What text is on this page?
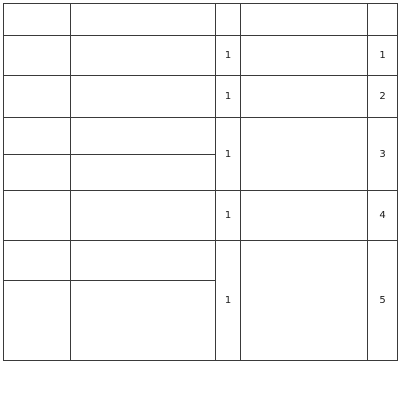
		1		1

		1		2

		1		3

		1		4

		1		5
